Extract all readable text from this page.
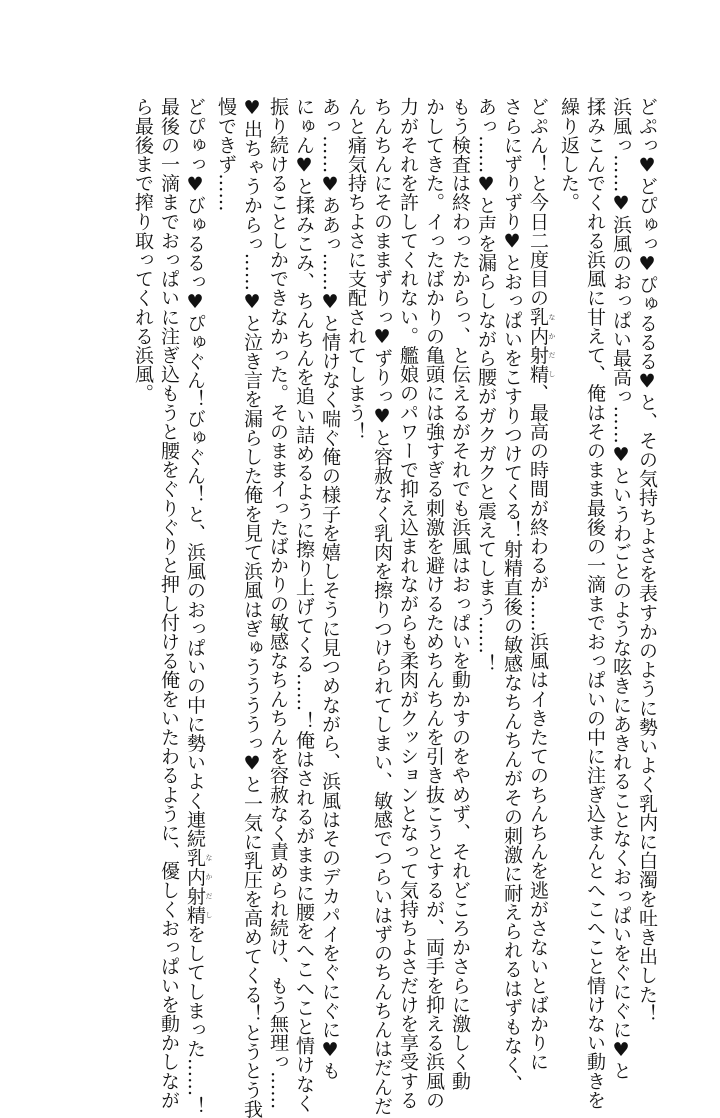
どぷっ♥どぴゅっ♥ぴゅるるる♥と、その気持ちよさを表すかのように勢いよく乳内に白濁を吐き出した！
浜風っ……♥浜風のおっぱい最高っ……♥というわごとのような呟きにあきれることなくおっぱいをぐにぐに♥と
揉みこんでくれる浜風に甘えて、俺はそのまま最後の一滴までおっぱいの中に注ぎ込まんとへこへこと情けない動きを
繰り返した。
どぷん！と今日二度目の乳内射精 なかだし、最高の時間が終わるが……浜風はイきたてのちんちんを逃がさないとばかりに
さらにずりずり♥とおっぱいをこすりつけてくる！射精直後の敏感なちんちんがその刺激に耐えられるはずもなく、
あっ……♥と声を漏らしながら腰がガクガクと震えてしまう……！
もう検査は終わったからっ、と伝えるがそれでも浜風はおっぱいを動かすのをやめず、それどころかさらに激しく動
かしてきた。イったばかりの亀頭には強すぎる刺激を避けるためちんちんを引き抜こうとするが、両手を抑える浜風の
力がそれを許してくれない。艦娘のパワーで抑え込まれながらも柔肉がクッションとなって気持ちよさだけを享受する
ちんちんにそのままずりっ♥ずりっ♥と容赦なく乳肉を擦りつけられてしまい、敏感でつらいはずのちんちんはだんだ
んと痛気持ちよさに支配されてしまう！
あっ……♥ああっ……♥と情けなく喘ぐ俺の様子を嬉しそうに見つめながら、浜風はそのデカパイをぐにぐに♥も
にゅん♥と揉みこみ、ちんちんを追い詰めるように擦り上げてくる……！俺はされるがままに腰をへこへこと情けなく
振り続けることしかできなかった。そのままイったばかりの敏感なちんちんを容赦なく責められ続け、もう無理っ……
♥出ちゃうからっ……♥と泣き言を漏らした俺を見て浜風はぎゅううううっ♥と一気に乳圧を高めてくる！とうとう我
慢できず……
どぴゅっ♥びゅるるっ♥ぴゅぐん！びゅぐん！と、浜風のおっぱいの中に勢いよく連続乳内射精 なかだしをしてしまった……！
最後の一滴までおっぱいに注ぎ込もうと腰をぐりぐりと押し付ける俺をいたわるように、優しくおっぱいを動かしなが
ら最後まで搾り取ってくれる浜風。
